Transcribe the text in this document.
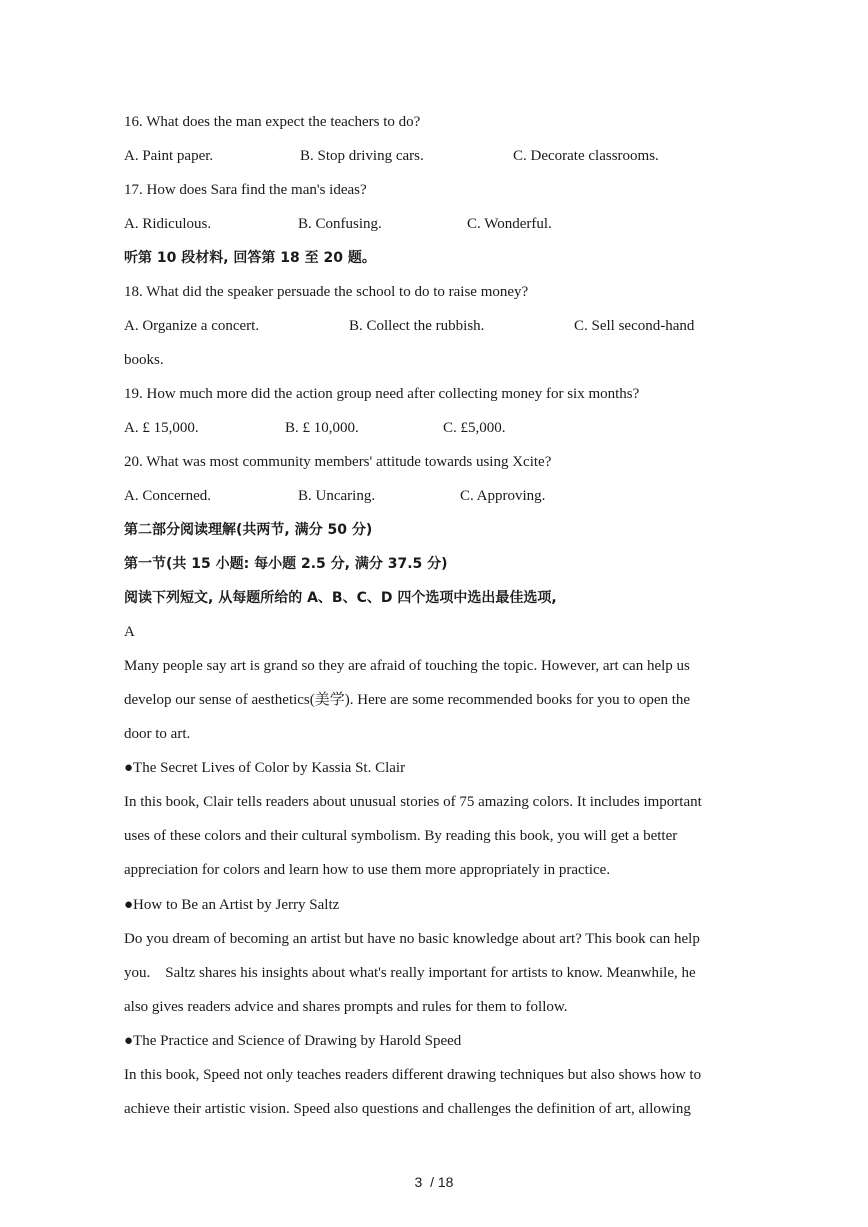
16. What does the man expect the teachers to do?
A. Paint paper.	B. Stop driving cars.	C. Decorate classrooms.
17. How does Sara find the man's ideas?
A. Ridiculous.	B. Confusing.	C. Wonderful.
听第 10 段材料, 回答第 18 至 20 题。
18. What did the speaker persuade the school to do to raise money?
A. Organize a concert.	B. Collect the rubbish.	C. Sell second-hand
books.
19. How much more did the action group need after collecting money for six months?
A. £ 15,000.	B. £ 10,000.	C. £5,000.
20. What was most community members' attitude towards using Xcite?
A. Concerned.	B. Uncaring.	C. Approving.
第二部分阅读理解(共两节, 满分 50 分)
第一节(共 15 小题: 每小题 2.5 分, 满分 37.5 分)
阅读下列短文, 从每题所给的 A、B、C、D 四个选项中选出最佳选项,
A
Many people say art is grand so they are afraid of touching the topic. However, art can help us
develop our sense of aesthetics(美学). Here are some recommended books for you to open the
door to art.
●The Secret Lives of Color by Kassia St. Clair
In this book, Clair tells readers about unusual stories of 75 amazing colors. It includes important
uses of these colors and their cultural symbolism. By reading this book, you will get a better
appreciation for colors and learn how to use them more appropriately in practice.
●How to Be an Artist by Jerry Saltz
Do you dream of becoming an artist but have no basic knowledge about art? This book can help
you.    Saltz shares his insights about what's really important for artists to know. Meanwhile, he
also gives readers advice and shares prompts and rules for them to follow.
●The Practice and Science of Drawing by Harold Speed
In this book, Speed not only teaches readers different drawing techniques but also shows how to
achieve their artistic vision. Speed also questions and challenges the definition of art, allowing
3  / 18
